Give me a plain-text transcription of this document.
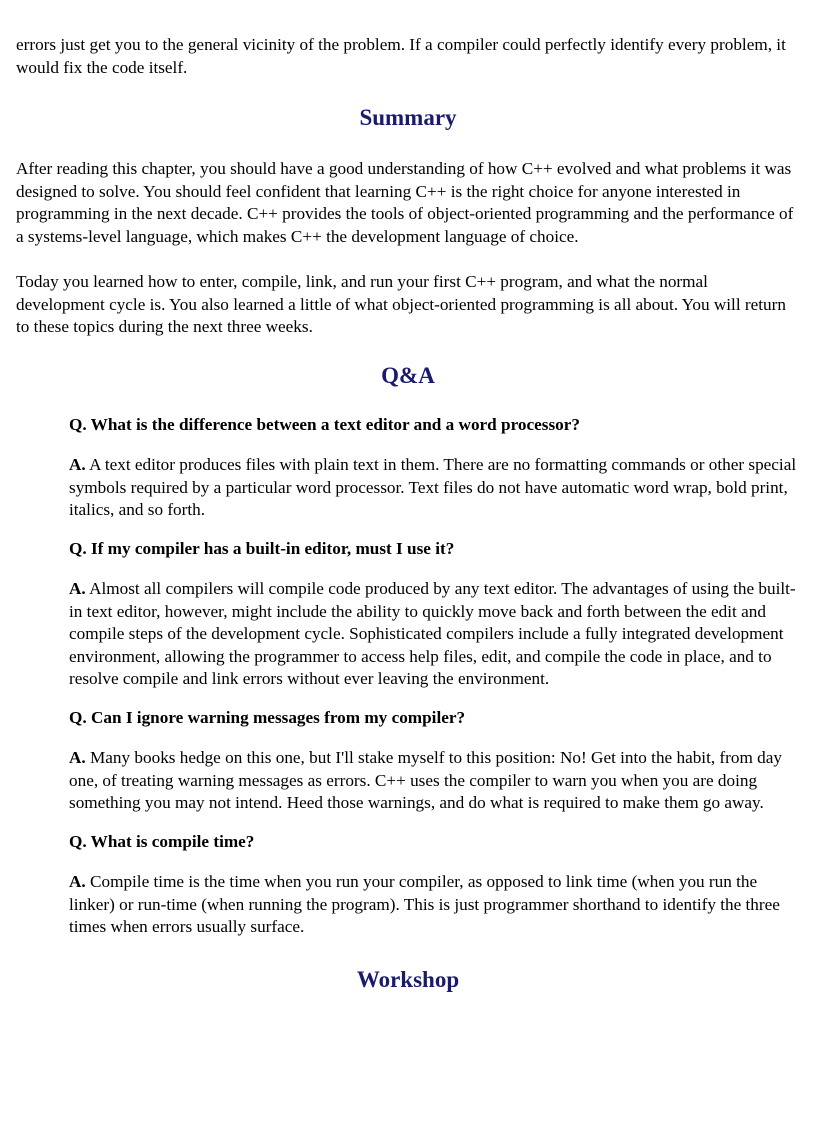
errors just get you to the general vicinity of the problem. If a compiler could perfectly identify every problem, it would fix the code itself.

Summary

After reading this chapter, you should have a good understanding of how C++ evolved and what problems it was designed to solve. You should feel confident that learning C++ is the right choice for anyone interested in programming in the next decade. C++ provides the tools of object-oriented programming and the performance of a systems-level language, which makes C++ the development language of choice.

Today you learned how to enter, compile, link, and run your first C++ program, and what the normal development cycle is. You also learned a little of what object-oriented programming is all about. You will return to these topics during the next three weeks.

Q&A

Q. What is the difference between a text editor and a word processor?

A. A text editor produces files with plain text in them. There are no formatting commands or other special symbols required by a particular word processor. Text files do not have automatic word wrap, bold print, italics, and so forth.

Q. If my compiler has a built-in editor, must I use it?

A. Almost all compilers will compile code produced by any text editor. The advantages of using the built-in text editor, however, might include the ability to quickly move back and forth between the edit and compile steps of the development cycle. Sophisticated compilers include a fully integrated development environment, allowing the programmer to access help files, edit, and compile the code in place, and to resolve compile and link errors without ever leaving the environment.

Q. Can I ignore warning messages from my compiler?

A. Many books hedge on this one, but I'll stake myself to this position: No! Get into the habit, from day one, of treating warning messages as errors. C++ uses the compiler to warn you when you are doing something you may not intend. Heed those warnings, and do what is required to make them go away.

Q. What is compile time?

A. Compile time is the time when you run your compiler, as opposed to link time (when you run the linker) or run-time (when running the program). This is just programmer shorthand to identify the three times when errors usually surface.

Workshop
